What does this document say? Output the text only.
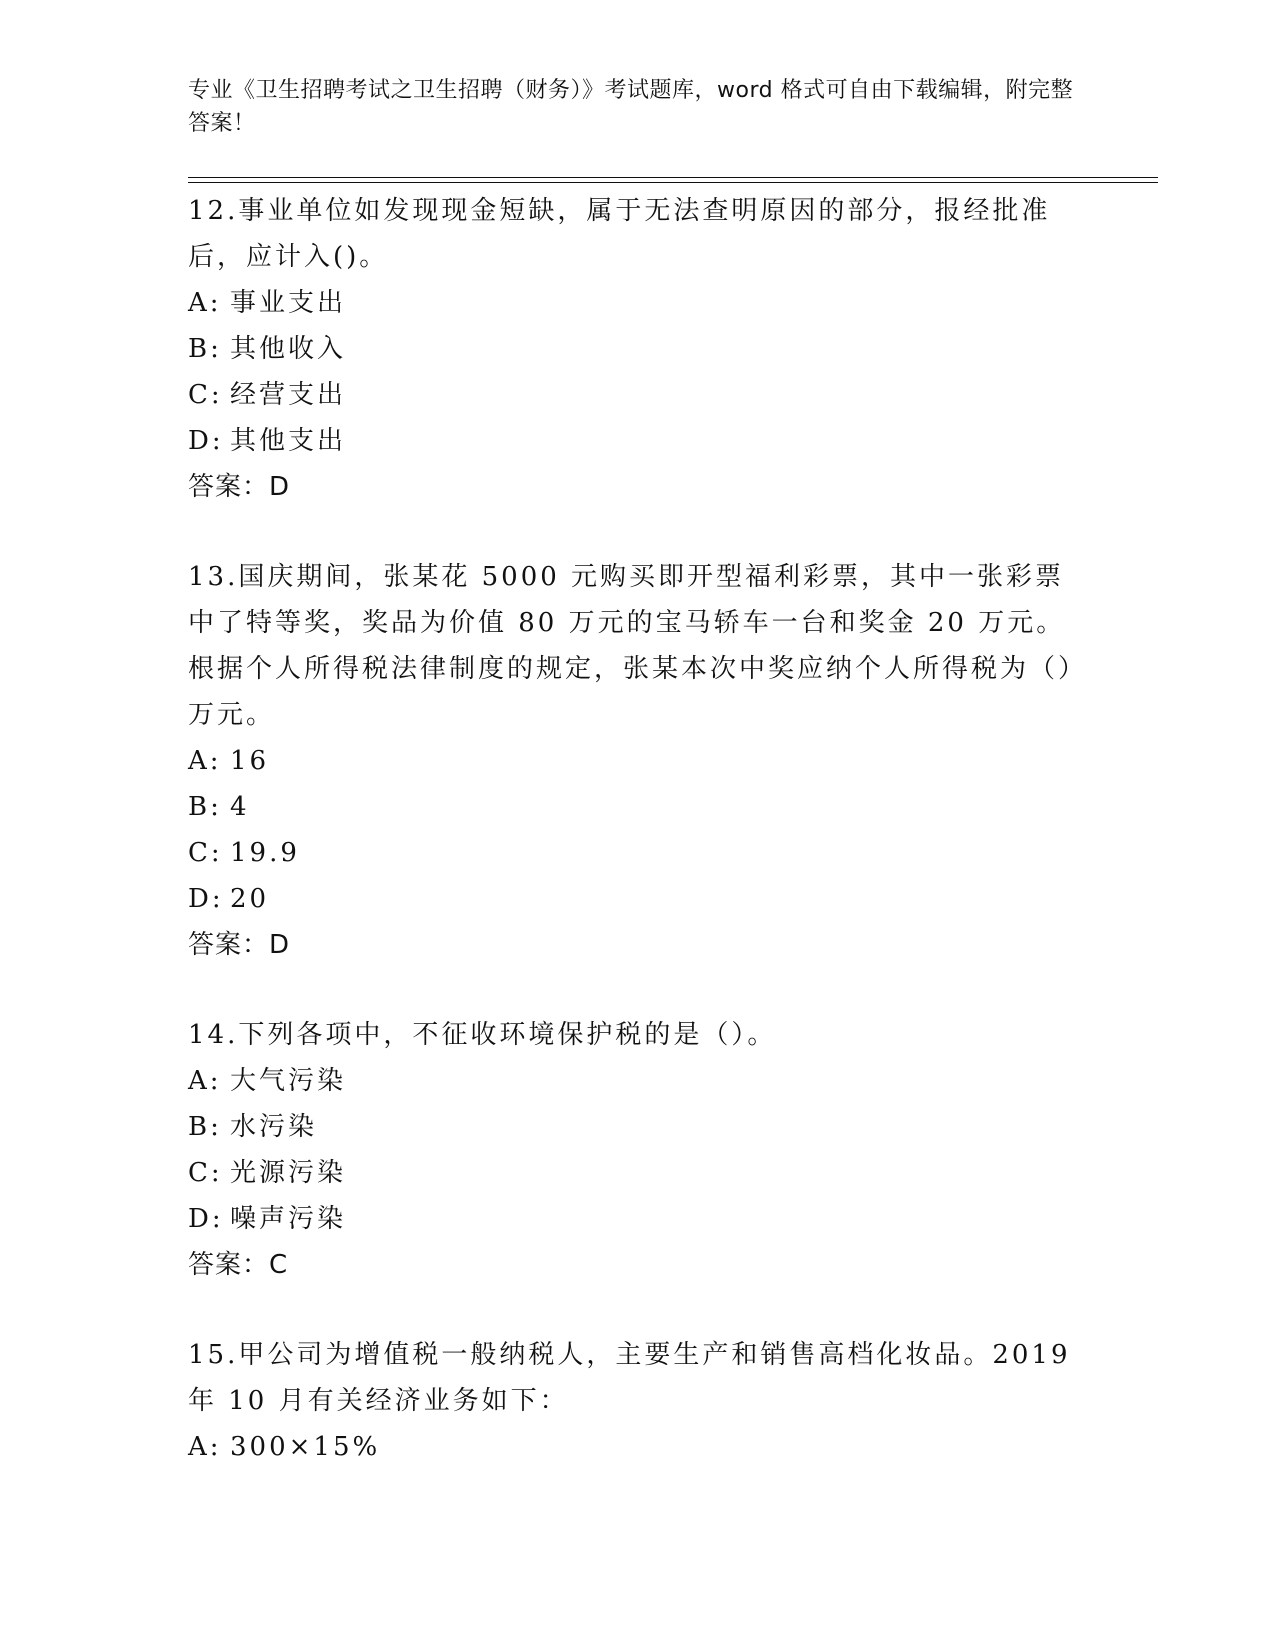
专业《卫生招聘考试之卫生招聘（财务）》考试题库，word 格式可自由下载编辑，附完整答案！
12.事业单位如发现现金短缺，属于无法查明原因的部分，报经批准后，应计入()。
A: 事业支出
B: 其他收入
C: 经营支出
D: 其他支出
答案：D
13.国庆期间，张某花 5000 元购买即开型福利彩票，其中一张彩票中了特等奖，奖品为价值 80 万元的宝马轿车一台和奖金 20 万元。根据个人所得税法律制度的规定，张某本次中奖应纳个人所得税为（）万元。
A: 16
B: 4
C: 19.9
D: 20
答案：D
14.下列各项中，不征收环境保护税的是（）。
A: 大气污染
B: 水污染
C: 光源污染
D: 噪声污染
答案：C
15.甲公司为增值税一般纳税人，主要生产和销售高档化妆品。2019 年 10 月有关经济业务如下：
A: 300×15%
